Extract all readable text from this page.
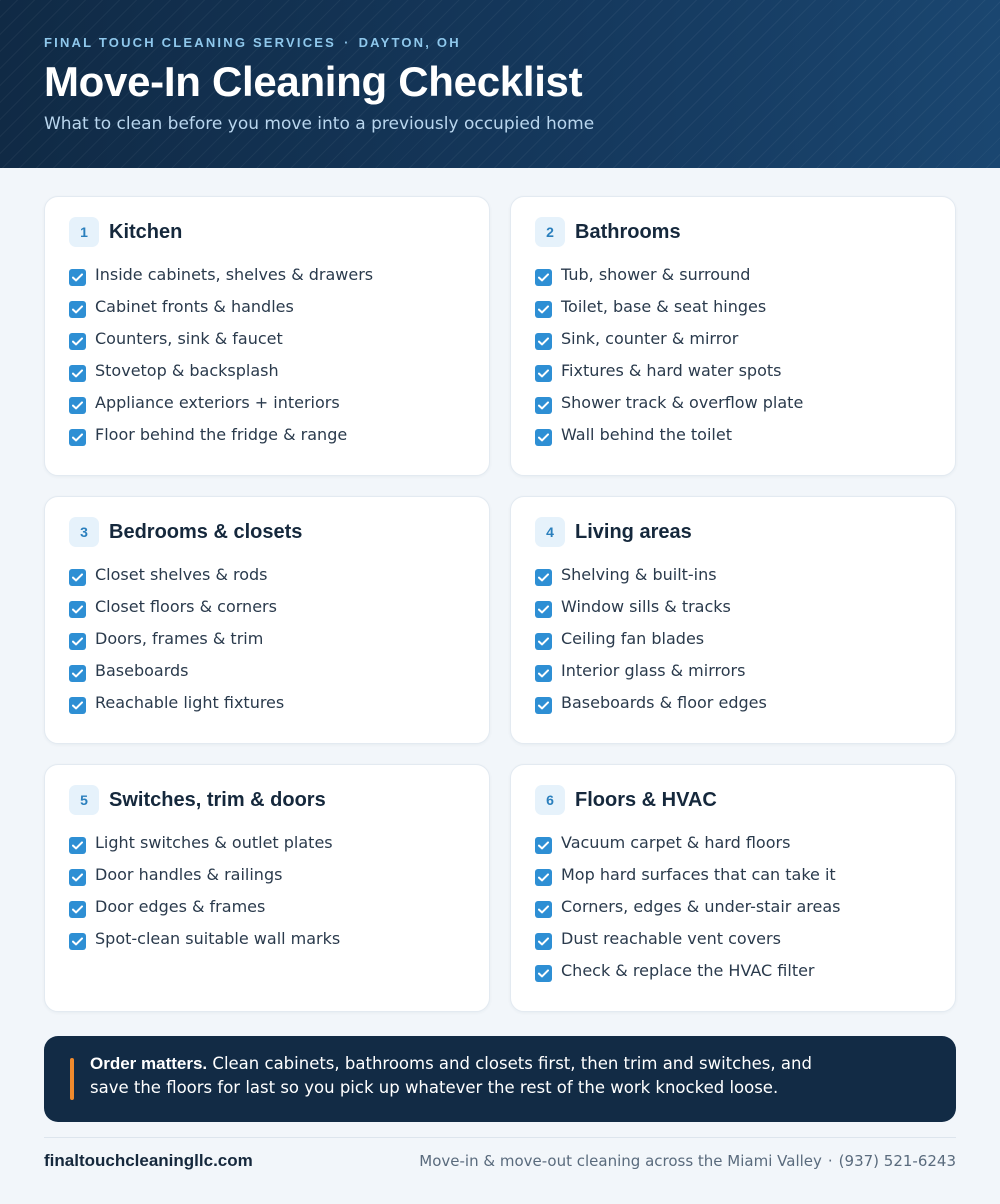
FINAL TOUCH CLEANING SERVICES · DAYTON, OH
Move-In Cleaning Checklist
What to clean before you move into a previously occupied home
1	Kitchen
Inside cabinets, shelves & drawers
Cabinet fronts & handles
Counters, sink & faucet
Stovetop & backsplash
Appliance exteriors + interiors
Floor behind the fridge & range
2	Bathrooms
Tub, shower & surround
Toilet, base & seat hinges
Sink, counter & mirror
Fixtures & hard water spots
Shower track & overflow plate
Wall behind the toilet
3	Bedrooms & closets
Closet shelves & rods
Closet floors & corners
Doors, frames & trim
Baseboards
Reachable light fixtures
4	Living areas
Shelving & built-ins
Window sills & tracks
Ceiling fan blades
Interior glass & mirrors
Baseboards & floor edges
5	Switches, trim & doors
Light switches & outlet plates
Door handles & railings
Door edges & frames
Spot-clean suitable wall marks
6	Floors & HVAC
Vacuum carpet & hard floors
Mop hard surfaces that can take it
Corners, edges & under-stair areas
Dust reachable vent covers
Check & replace the HVAC filter
Order matters. Clean cabinets, bathrooms and closets first, then trim and switches, and save the floors for last so you pick up whatever the rest of the work knocked loose.
finaltouchcleaningllc.com	Move-in & move-out cleaning across the Miami Valley · (937) 521-6243
